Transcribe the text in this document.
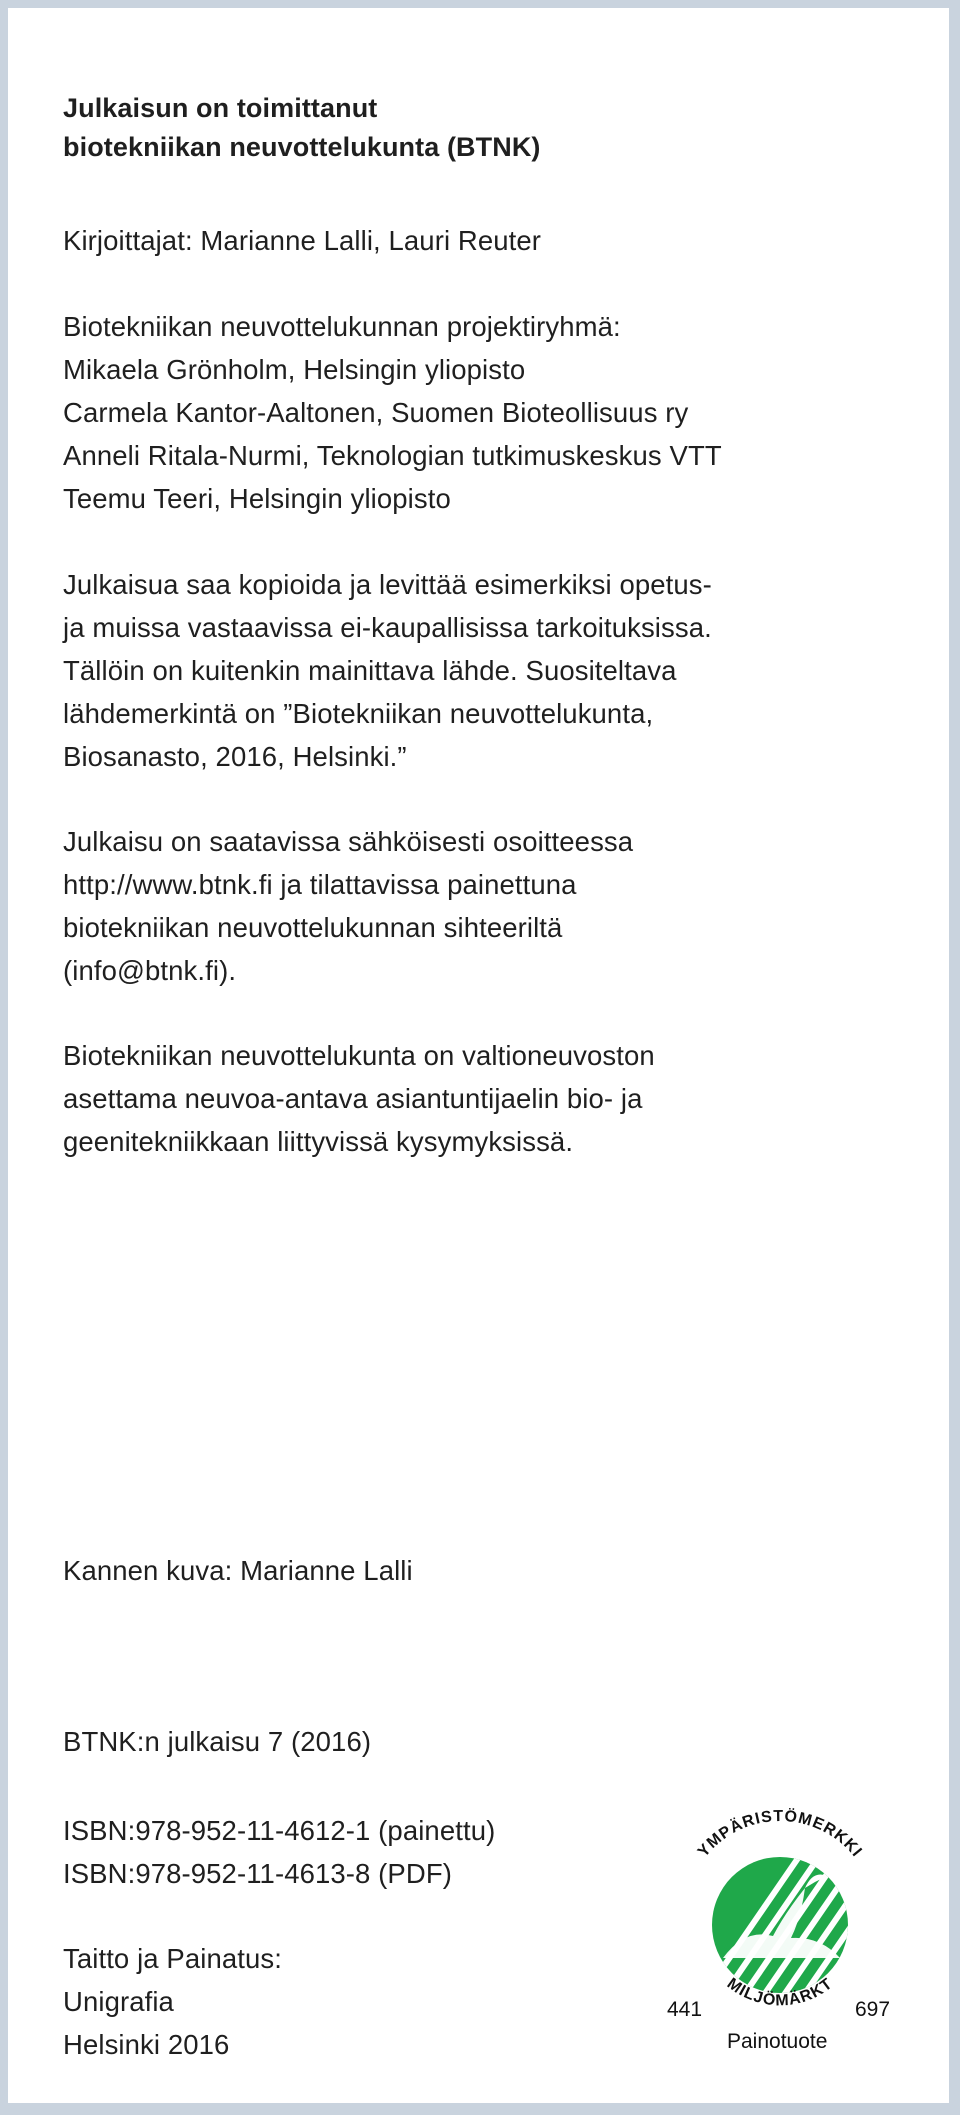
Julkaisun on toimittanut

biotekniikan neuvottelukunta (BTNK)

Kirjoittajat: Marianne Lalli, Lauri Reuter

Biotekniikan neuvottelukunnan projektiryhmä:
Mikaela Grönholm, Helsingin yliopisto
Carmela Kantor-Aaltonen, Suomen Bioteollisuus ry
Anneli Ritala-Nurmi, Teknologian tutkimuskeskus VTT
Teemu Teeri, Helsingin yliopisto

Julkaisua saa kopioida ja levittää esimerkiksi opetus-
ja muissa vastaavissa ei-kaupallisissa tarkoituksissa.
Tällöin on kuitenkin mainittava lähde. Suositeltava
lähdemerkintä on ”Biotekniikan neuvottelukunta,
Biosanasto, 2016, Helsinki.”

Julkaisu on saatavissa sähköisesti osoitteessa
http://www.btnk.fi ja tilattavissa painettuna
biotekniikan neuvottelukunnan sihteeriltä
(info@btnk.fi).

Biotekniikan neuvottelukunta on valtioneuvoston
asettama neuvoa-antava asiantuntijaelin bio- ja
geenitekniikkaan liittyvissä kysymyksissä.

Kannen kuva: Marianne Lalli

BTNK:n julkaisu 7 (2016)

ISBN:978-952-11-4612-1 (painettu)
ISBN:978-952-11-4613-8 (PDF)

Taitto ja Painatus:
Unigrafia
Helsinki 2016

YMPÄRISTÖMERKKI
MILJÖMÄRKT
441	697
Painotuote
